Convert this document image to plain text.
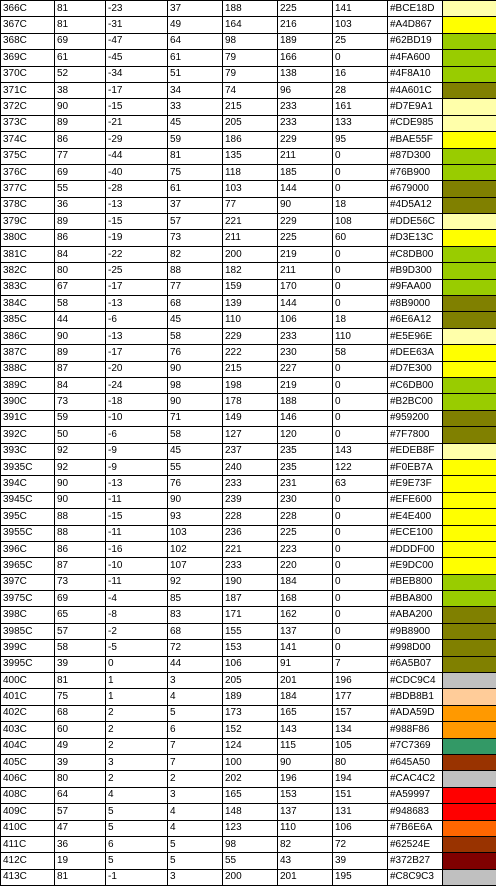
366C	81	-23	37	188	225	141	#BCE18D	
367C	81	-31	49	164	216	103	#A4D867	
368C	69	-47	64	98	189	25	#62BD19	
369C	61	-45	61	79	166	0	#4FA600	
370C	52	-34	51	79	138	16	#4F8A10	
371C	38	-17	34	74	96	28	#4A601C	
372C	90	-15	33	215	233	161	#D7E9A1	
373C	89	-21	45	205	233	133	#CDE985	
374C	86	-29	59	186	229	95	#BAE55F	
375C	77	-44	81	135	211	0	#87D300	
376C	69	-40	75	118	185	0	#76B900	
377C	55	-28	61	103	144	0	#679000	
378C	36	-13	37	77	90	18	#4D5A12	
379C	89	-15	57	221	229	108	#DDE56C	
380C	86	-19	73	211	225	60	#D3E13C	
381C	84	-22	82	200	219	0	#C8DB00	
382C	80	-25	88	182	211	0	#B9D300	
383C	67	-17	77	159	170	0	#9FAA00	
384C	58	-13	68	139	144	0	#8B9000	
385C	44	-6	45	110	106	18	#6E6A12	
386C	90	-13	58	229	233	110	#E5E96E	
387C	89	-17	76	222	230	58	#DEE63A	
388C	87	-20	90	215	227	0	#D7E300	
389C	84	-24	98	198	219	0	#C6DB00	
390C	73	-18	90	178	188	0	#B2BC00	
391C	59	-10	71	149	146	0	#959200	
392C	50	-6	58	127	120	0	#7F7800	
393C	92	-9	45	237	235	143	#EDEB8F	
3935C	92	-9	55	240	235	122	#F0EB7A	
394C	90	-13	76	233	231	63	#E9E73F	
3945C	90	-11	90	239	230	0	#EFE600	
395C	88	-15	93	228	228	0	#E4E400	
3955C	88	-11	103	236	225	0	#ECE100	
396C	86	-16	102	221	223	0	#DDDF00	
3965C	87	-10	107	233	220	0	#E9DC00	
397C	73	-11	92	190	184	0	#BEB800	
3975C	69	-4	85	187	168	0	#BBA800	
398C	65	-8	83	171	162	0	#ABA200	
3985C	57	-2	68	155	137	0	#9B8900	
399C	58	-5	72	153	141	0	#998D00	
3995C	39	0	44	106	91	7	#6A5B07	
400C	81	1	3	205	201	196	#CDC9C4	
401C	75	1	4	189	184	177	#BDB8B1	
402C	68	2	5	173	165	157	#ADA59D	
403C	60	2	6	152	143	134	#988F86	
404C	49	2	7	124	115	105	#7C7369	
405C	39	3	7	100	90	80	#645A50	
406C	80	2	2	202	196	194	#CAC4C2	
408C	64	4	3	165	153	151	#A59997	
409C	57	5	4	148	137	131	#948683	
410C	47	5	4	123	110	106	#7B6E6A	
411C	36	6	5	98	82	72	#62524E	
412C	19	5	5	55	43	39	#372B27	
413C	81	-1	3	200	201	195	#C8C9C3	
